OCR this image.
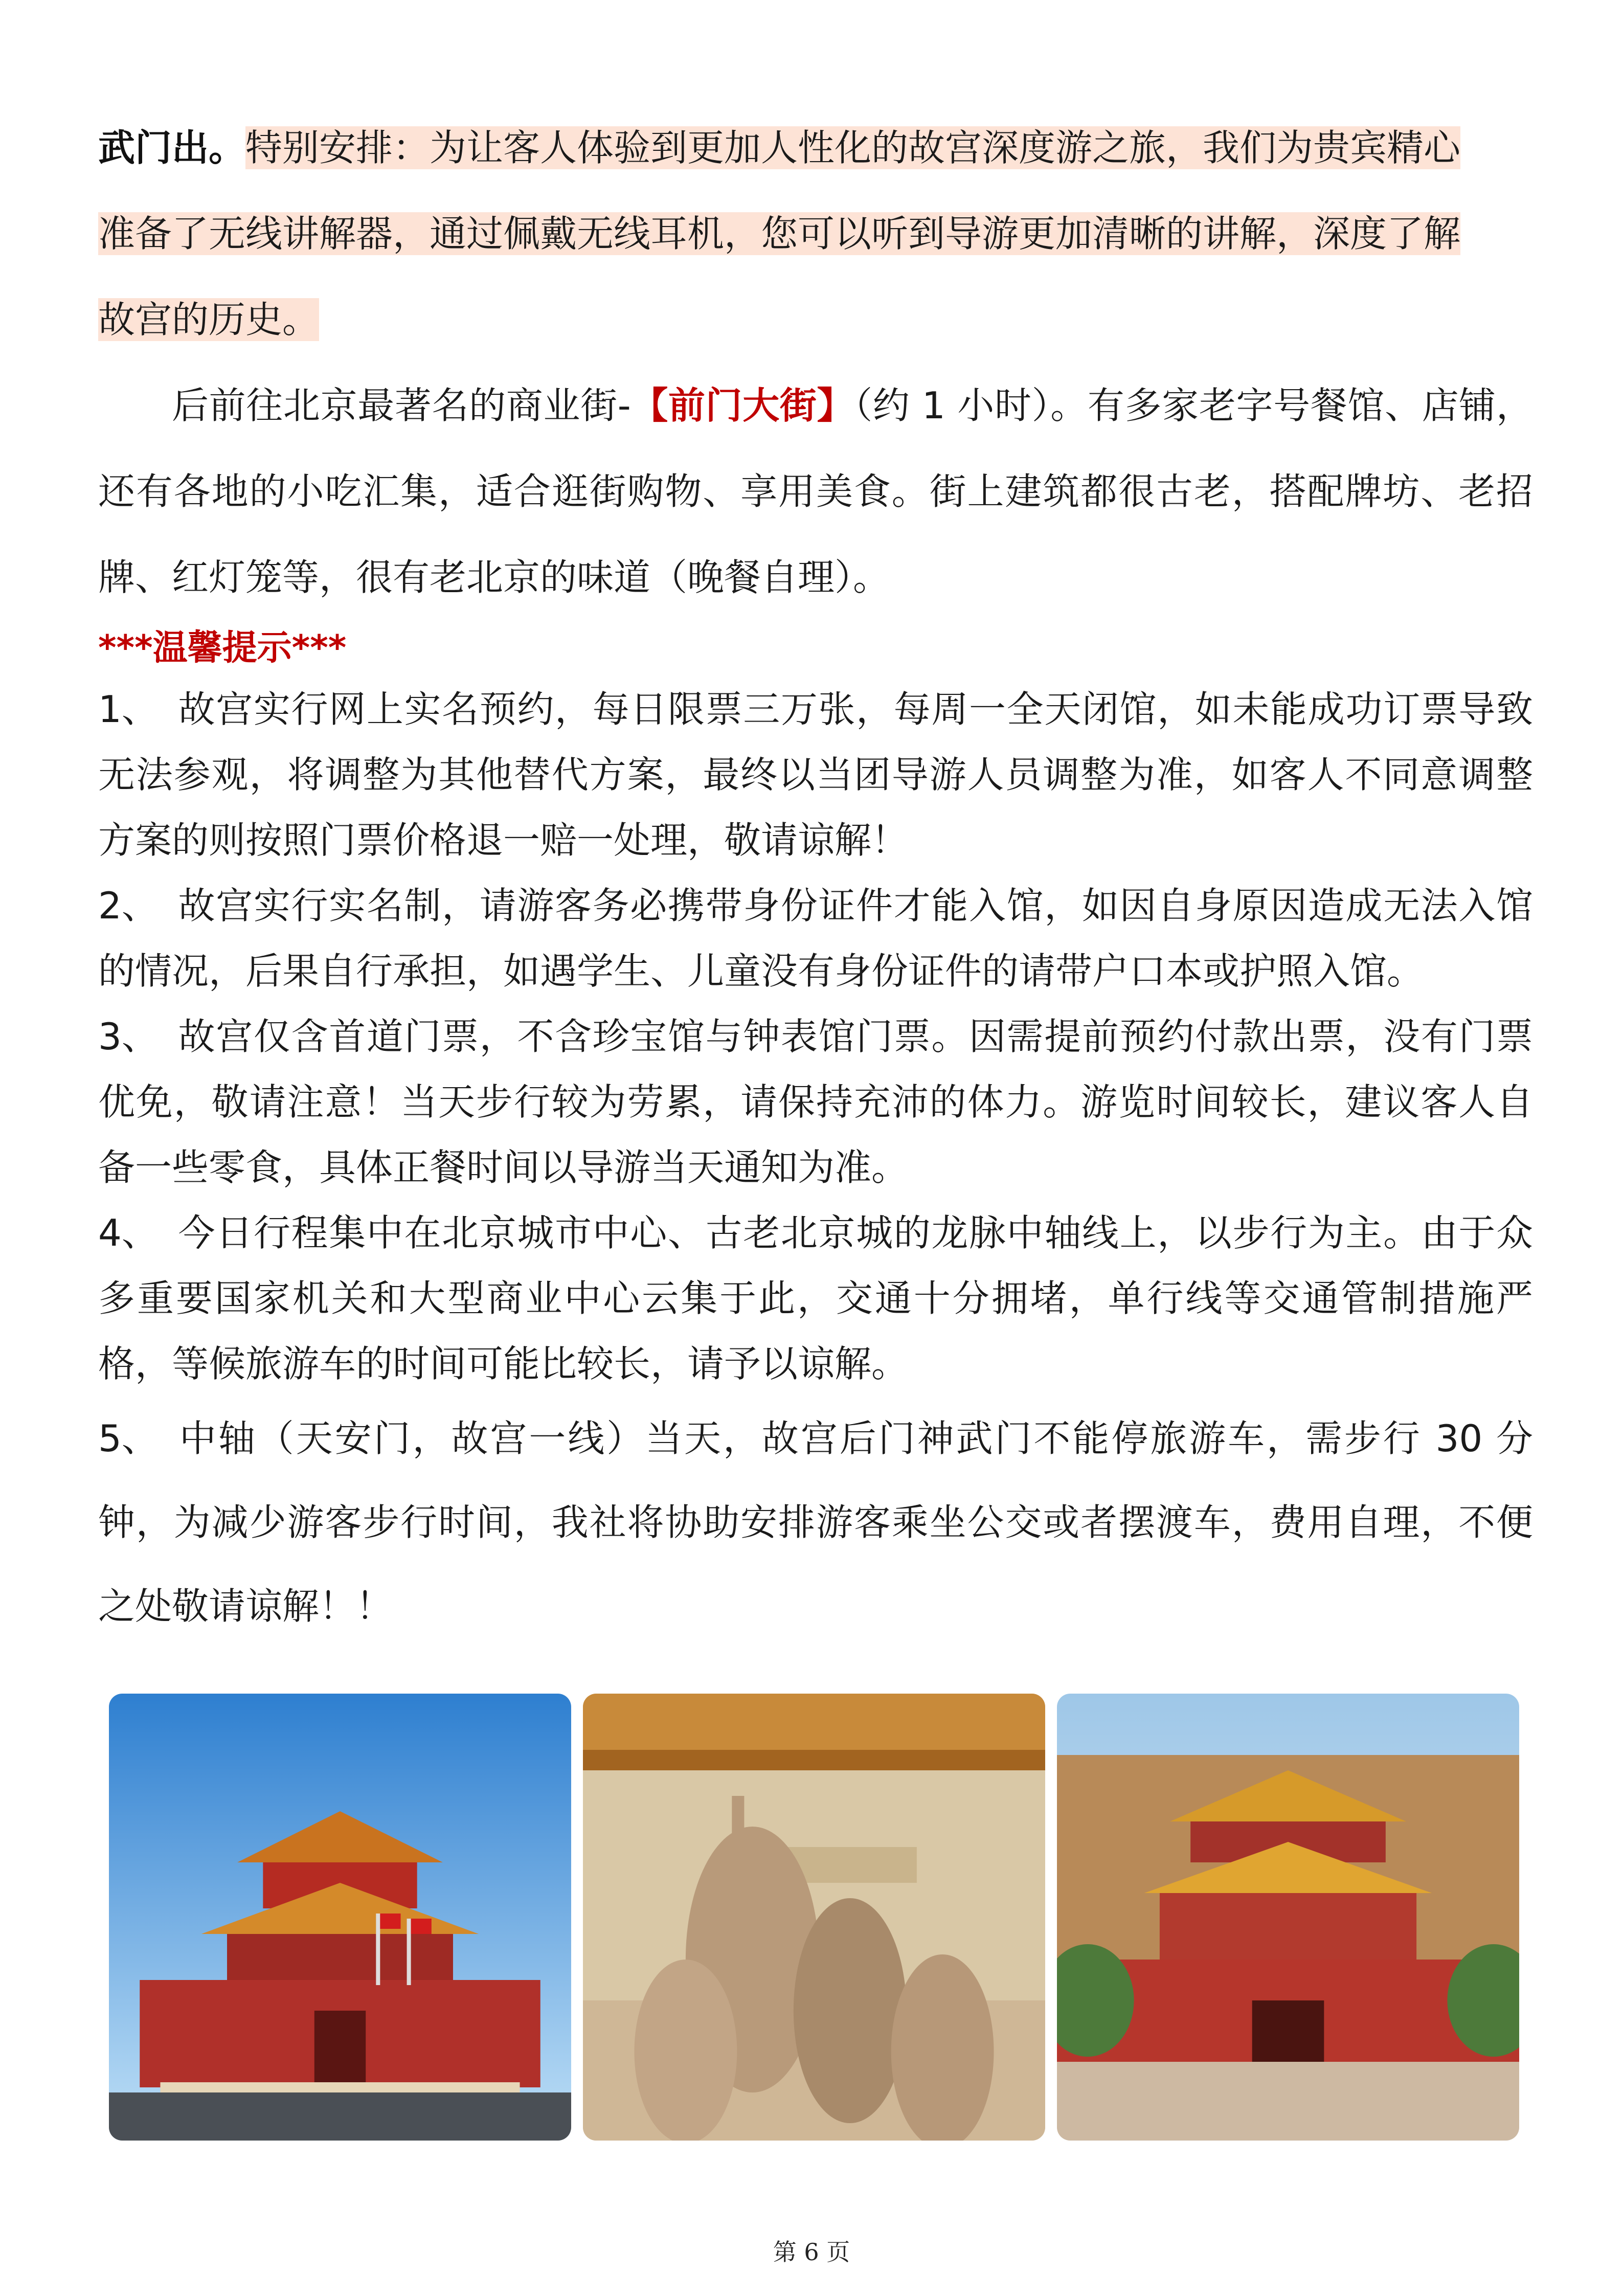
武门出。特别安排：为让客人体验到更加人性化的故宫深度游之旅，我们为贵宾精心
准备了无线讲解器，通过佩戴无线耳机，您可以听到导游更加清晰的讲解，深度了解
故宫的历史。

后前往北京最著名的商业街-【前门大街】（约 1 小时）。有多家老字号餐馆、店铺，还有各地的小吃汇集，适合逛街购物、享用美食。街上建筑都很古老，搭配牌坊、老招牌、红灯笼等，很有老北京的味道（晚餐自理）。

***温馨提示***

1、 故宫实行网上实名预约，每日限票三万张，每周一全天闭馆，如未能成功订票导致无法参观，将调整为其他替代方案，最终以当团导游人员调整为准，如客人不同意调整方案的则按照门票价格退一赔一处理，敬请谅解！

2、 故宫实行实名制，请游客务必携带身份证件才能入馆，如因自身原因造成无法入馆的情况，后果自行承担，如遇学生、儿童没有身份证件的请带户口本或护照入馆。

3、 故宫仅含首道门票，不含珍宝馆与钟表馆门票。因需提前预约付款出票，没有门票优免，敬请注意！当天步行较为劳累，请保持充沛的体力。游览时间较长，建议客人自备一些零食，具体正餐时间以导游当天通知为准。

4、 今日行程集中在北京城市中心、古老北京城的龙脉中轴线上，以步行为主。由于众多重要国家机关和大型商业中心云集于此，交通十分拥堵，单行线等交通管制措施严格，等候旅游车的时间可能比较长，请予以谅解。

5、 中轴（天安门，故宫一线）当天，故宫后门神武门不能停旅游车，需步行 30 分钟，为减少游客步行时间，我社将协助安排游客乘坐公交或者摆渡车，费用自理，不便之处敬请谅解！！

第 6 页
